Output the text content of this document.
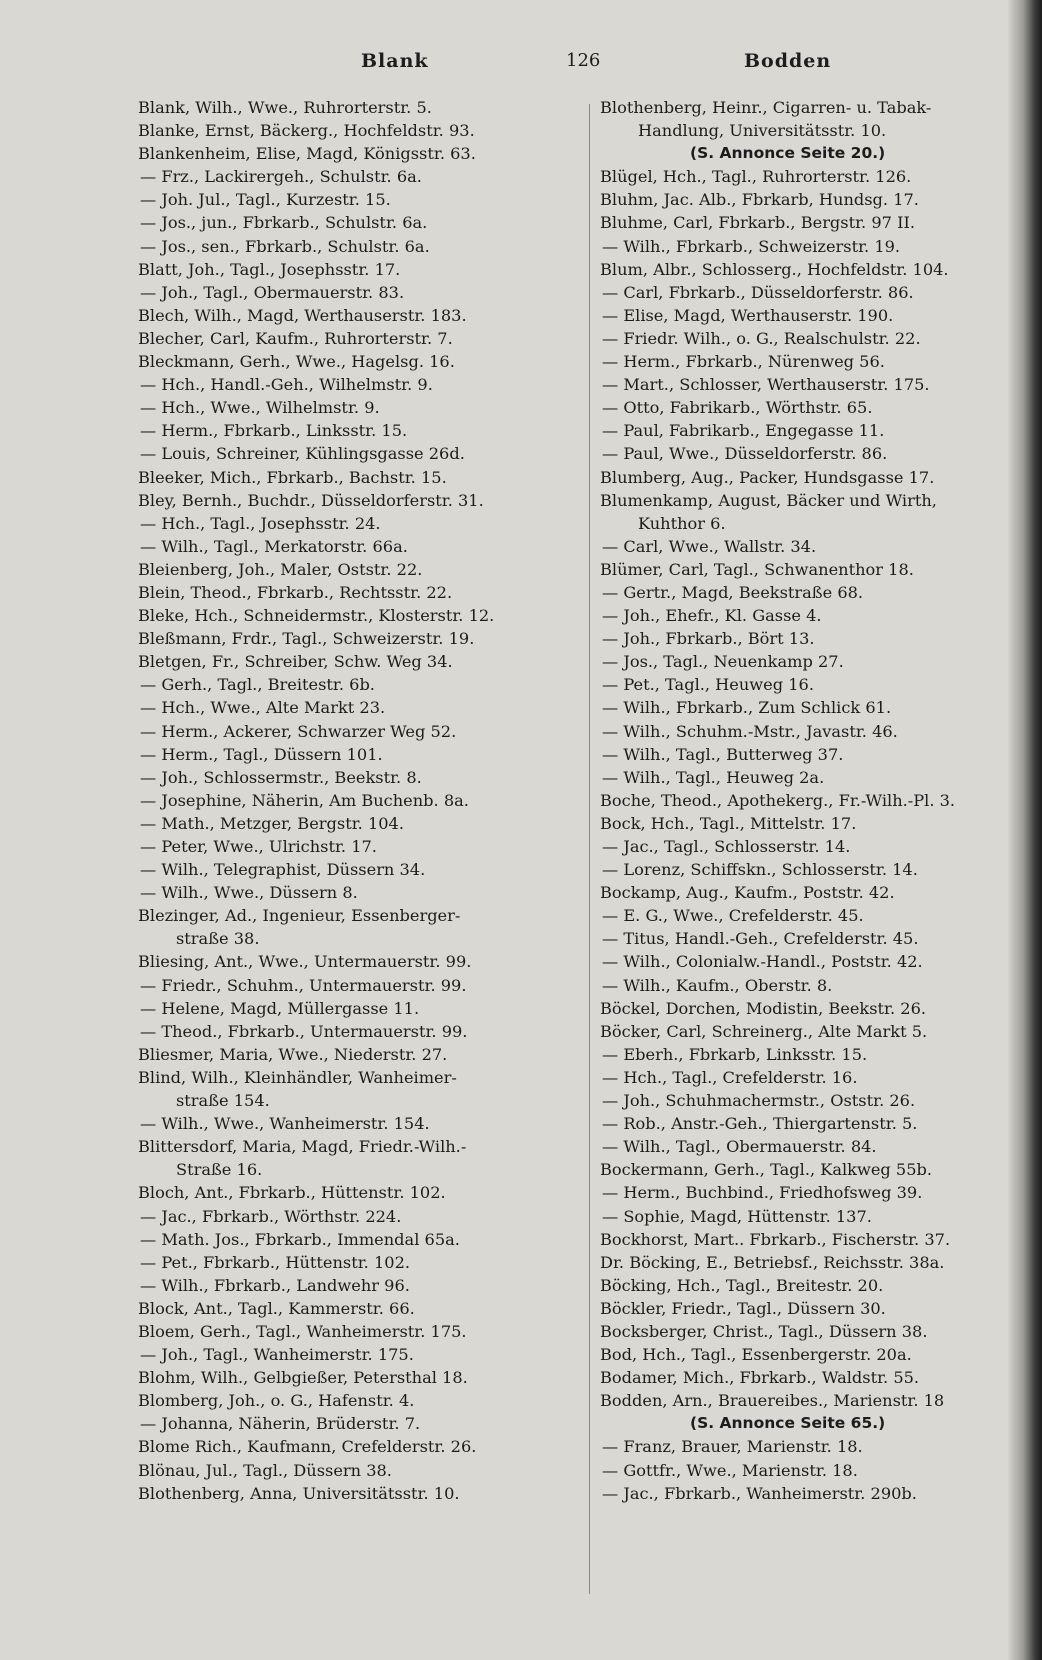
Blank	126	Bodden
Blank, Wilh., Wwe., Ruhrorterstr. 5.
Blanke, Ernst, Bäckerg., Hochfeldstr. 93.
Blankenheim, Elise, Magd, Königsstr. 63.
— Frz., Lackirergeh., Schulstr. 6a.
— Joh. Jul., Tagl., Kurzestr. 15.
— Jos., jun., Fbrkarb., Schulstr. 6a.
— Jos., sen., Fbrkarb., Schulstr. 6a.
Blatt, Joh., Tagl., Josephsstr. 17.
— Joh., Tagl., Obermauerstr. 83.
Blech, Wilh., Magd, Werthauserstr. 183.
Blecher, Carl, Kaufm., Ruhrorterstr. 7.
Bleckmann, Gerh., Wwe., Hagelsg. 16.
— Hch., Handl.-Geh., Wilhelmstr. 9.
— Hch., Wwe., Wilhelmstr. 9.
— Herm., Fbrkarb., Linksstr. 15.
— Louis, Schreiner, Kühlingsgasse 26d.
Bleeker, Mich., Fbrkarb., Bachstr. 15.
Bley, Bernh., Buchdr., Düsseldorferstr. 31.
— Hch., Tagl., Josephsstr. 24.
— Wilh., Tagl., Merkatorstr. 66a.
Bleienberg, Joh., Maler, Oststr. 22.
Blein, Theod., Fbrkarb., Rechtsstr. 22.
Bleke, Hch., Schneidermstr., Klosterstr. 12.
Bleßmann, Frdr., Tagl., Schweizerstr. 19.
Bletgen, Fr., Schreiber, Schw. Weg 34.
— Gerh., Tagl., Breitestr. 6b.
— Hch., Wwe., Alte Markt 23.
— Herm., Ackerer, Schwarzer Weg 52.
— Herm., Tagl., Düssern 101.
— Joh., Schlossermstr., Beekstr. 8.
— Josephine, Näherin, Am Buchenb. 8a.
— Math., Metzger, Bergstr. 104.
— Peter, Wwe., Ulrichstr. 17.
— Wilh., Telegraphist, Düssern 34.
— Wilh., Wwe., Düssern 8.
Blezinger, Ad., Ingenieur, Essenberger-
straße 38.
Bliesing, Ant., Wwe., Untermauerstr. 99.
— Friedr., Schuhm., Untermauerstr. 99.
— Helene, Magd, Müllergasse 11.
— Theod., Fbrkarb., Untermauerstr. 99.
Bliesmer, Maria, Wwe., Niederstr. 27.
Blind, Wilh., Kleinhändler, Wanheimer-
straße 154.
— Wilh., Wwe., Wanheimerstr. 154.
Blittersdorf, Maria, Magd, Friedr.-Wilh.-
Straße 16.
Bloch, Ant., Fbrkarb., Hüttenstr. 102.
— Jac., Fbrkarb., Wörthstr. 224.
— Math. Jos., Fbrkarb., Immendal 65a.
— Pet., Fbrkarb., Hüttenstr. 102.
— Wilh., Fbrkarb., Landwehr 96.
Block, Ant., Tagl., Kammerstr. 66.
Bloem, Gerh., Tagl., Wanheimerstr. 175.
— Joh., Tagl., Wanheimerstr. 175.
Blohm, Wilh., Gelbgießer, Petersthal 18.
Blomberg, Joh., o. G., Hafenstr. 4.
— Johanna, Näherin, Brüderstr. 7.
Blome Rich., Kaufmann, Crefelderstr. 26.
Blönau, Jul., Tagl., Düssern 38.
Blothenberg, Anna, Universitätsstr. 10.
Blothenberg, Heinr., Cigarren- u. Tabak-
Handlung, Universitätsstr. 10.
(S. Annonce Seite 20.)
Blügel, Hch., Tagl., Ruhrorterstr. 126.
Bluhm, Jac. Alb., Fbrkarb, Hundsg. 17.
Bluhme, Carl, Fbrkarb., Bergstr. 97 II.
— Wilh., Fbrkarb., Schweizerstr. 19.
Blum, Albr., Schlosserg., Hochfeldstr. 104.
— Carl, Fbrkarb., Düsseldorferstr. 86.
— Elise, Magd, Werthauserstr. 190.
— Friedr. Wilh., o. G., Realschulstr. 22.
— Herm., Fbrkarb., Nürenweg 56.
— Mart., Schlosser, Werthauserstr. 175.
— Otto, Fabrikarb., Wörthstr. 65.
— Paul, Fabrikarb., Engegasse 11.
— Paul, Wwe., Düsseldorferstr. 86.
Blumberg, Aug., Packer, Hundsgasse 17.
Blumenkamp, August, Bäcker und Wirth,
Kuhthor 6.
— Carl, Wwe., Wallstr. 34.
Blümer, Carl, Tagl., Schwanenthor 18.
— Gertr., Magd, Beekstraße 68.
— Joh., Ehefr., Kl. Gasse 4.
— Joh., Fbrkarb., Bört 13.
— Jos., Tagl., Neuenkamp 27.
— Pet., Tagl., Heuweg 16.
— Wilh., Fbrkarb., Zum Schlick 61.
— Wilh., Schuhm.-Mstr., Javastr. 46.
— Wilh., Tagl., Butterweg 37.
— Wilh., Tagl., Heuweg 2a.
Boche, Theod., Apothekerg., Fr.-Wilh.-Pl. 3.
Bock, Hch., Tagl., Mittelstr. 17.
— Jac., Tagl., Schlosserstr. 14.
— Lorenz, Schiffskn., Schlosserstr. 14.
Bockamp, Aug., Kaufm., Poststr. 42.
— E. G., Wwe., Crefelderstr. 45.
— Titus, Handl.-Geh., Crefelderstr. 45.
— Wilh., Colonialw.-Handl., Poststr. 42.
— Wilh., Kaufm., Oberstr. 8.
Böckel, Dorchen, Modistin, Beekstr. 26.
Böcker, Carl, Schreinerg., Alte Markt 5.
— Eberh., Fbrkarb, Linksstr. 15.
— Hch., Tagl., Crefelderstr. 16.
— Joh., Schuhmachermstr., Oststr. 26.
— Rob., Anstr.-Geh., Thiergartenstr. 5.
— Wilh., Tagl., Obermauerstr. 84.
Bockermann, Gerh., Tagl., Kalkweg 55b.
— Herm., Buchbind., Friedhofsweg 39.
— Sophie, Magd, Hüttenstr. 137.
Bockhorst, Mart.. Fbrkarb., Fischerstr. 37.
Dr. Böcking, E., Betriebsf., Reichsstr. 38a.
Böcking, Hch., Tagl., Breitestr. 20.
Böckler, Friedr., Tagl., Düssern 30.
Bocksberger, Christ., Tagl., Düssern 38.
Bod, Hch., Tagl., Essenbergerstr. 20a.
Bodamer, Mich., Fbrkarb., Waldstr. 55.
Bodden, Arn., Brauereibes., Marienstr. 18
(S. Annonce Seite 65.)
— Franz, Brauer, Marienstr. 18.
— Gottfr., Wwe., Marienstr. 18.
— Jac., Fbrkarb., Wanheimerstr. 290b.
